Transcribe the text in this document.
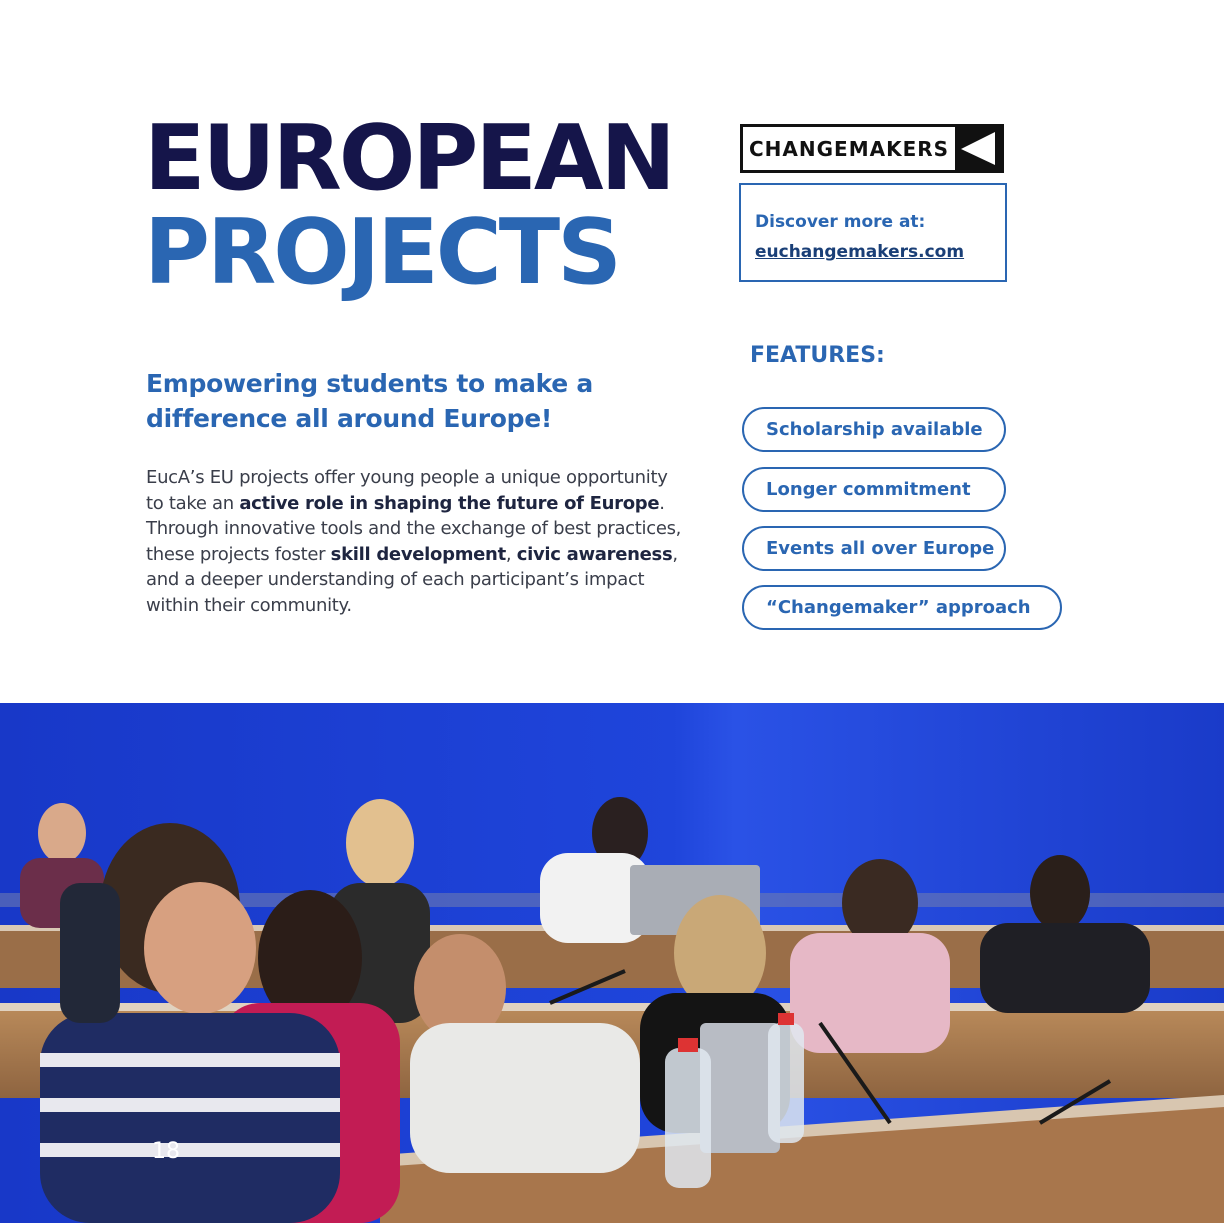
EUROPEAN
PROJECTS
CHANGEMAKERS
Discover more at:
euchangemakers.com
Empowering students to make a difference all around Europe!
EucA’s EU projects offer young people a unique opportunity to take an active role in shaping the future of Europe. Through innovative tools and the exchange of best practices, these projects foster skill development, civic awareness, and a deeper understanding of each participant’s impact within their community.
FEATURES:
Scholarship available
Longer commitment
Events all over Europe
“Changemaker” approach
18
